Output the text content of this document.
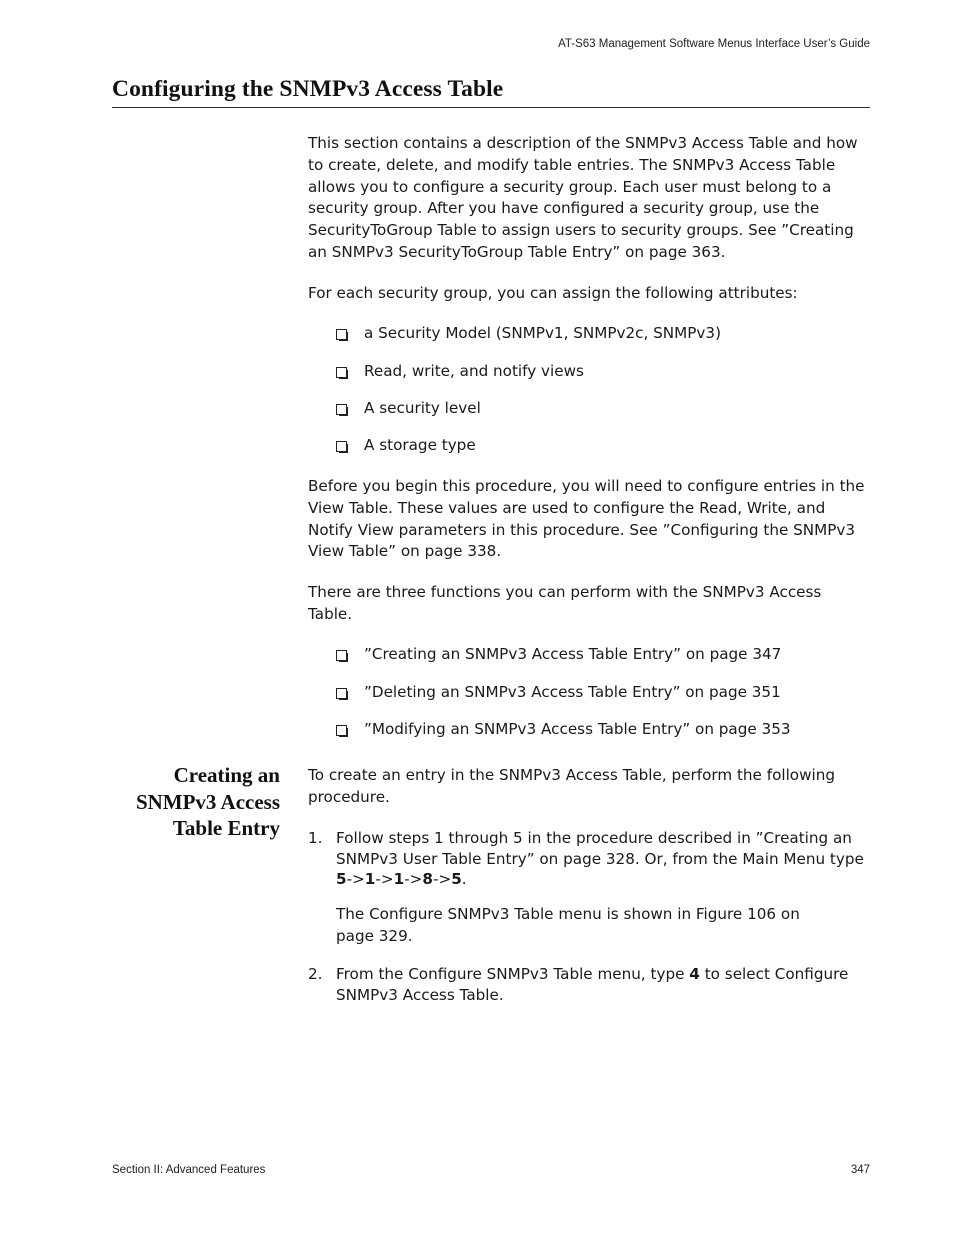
AT-S63 Management Software Menus Interface User’s Guide
Configuring the SNMPv3 Access Table

This section contains a description of the SNMPv3 Access Table and how to create, delete, and modify table entries. The SNMPv3 Access Table allows you to configure a security group. Each user must belong to a security group. After you have configured a security group, use the SecurityToGroup Table to assign users to security groups. See ”Creating an SNMPv3 SecurityToGroup Table Entry” on page 363.

For each security group, you can assign the following attributes:

a Security Model (SNMPv1, SNMPv2c, SNMPv3)
Read, write, and notify views
A security level
A storage type

Before you begin this procedure, you will need to configure entries in the View Table. These values are used to configure the Read, Write, and Notify View parameters in this procedure. See ”Configuring the SNMPv3 View Table” on page 338.

There are three functions you can perform with the SNMPv3 Access Table.

”Creating an SNMPv3 Access Table Entry” on page 347
”Deleting an SNMPv3 Access Table Entry” on page 351
”Modifying an SNMPv3 Access Table Entry” on page 353
Creating an
SNMPv3 Access
Table Entry

To create an entry in the SNMPv3 Access Table, perform the following procedure.

1. Follow steps 1 through 5 in the procedure described in ”Creating an SNMPv3 User Table Entry” on page 328. Or, from the Main Menu type
5->1->1->8->5.
The Configure SNMPv3 Table menu is shown in Figure 106 on page 329.
2. From the Configure SNMPv3 Table menu, type 4 to select Configure SNMPv3 Access Table.
Section II: Advanced Features	347
